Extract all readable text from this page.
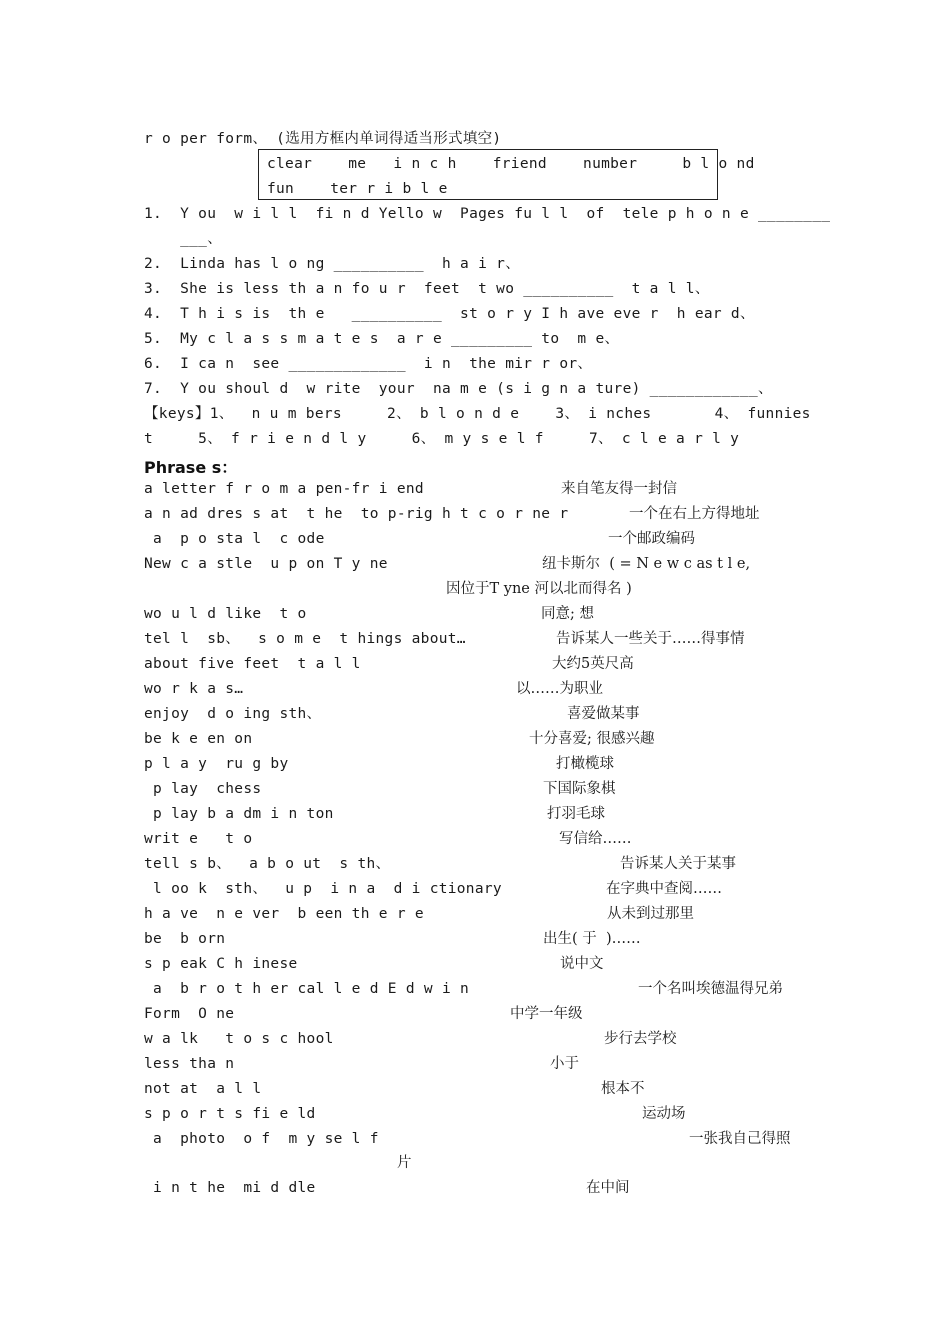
r o per form、 (选用方框内单词得适当形式填空)
clear    me   i n c h    friend    number     b l o nd
fun    ter r i b l e
1.  Y ou  w i l l  fi n d Yello w  Pages fu l l  of  tele p h o n e ________
___、
2.  Linda has l o ng __________  h a i r、
3.  She is less th a n fo u r  feet  t wo __________  t a l l、
4.  T h i s is  th e   __________  st o r y I h ave eve r  h ear d、
5.  My c l a s s m a t e s  a r e _________ to  m e、
6.  I ca n  see _____________  i n  the mir r or、
7.  Y ou shoul d  w rite  your  na m e (s i g n a ture) ____________、
【keys】1、  n u m bers     2、 b l o n d e    3、 i nches       4、 funnies
t     5、 f r i e n d l y     6、 m y s e l f     7、 c l e a r l y
Phrase s：
a letter f r o m a pen-fr i end	来自笔友得一封信
a n ad dres s at  t he  to p-rig h t c o r ne r	一个在右上方得地址
a  p o sta l  c ode	一个邮政编码
New c a stle  u p on T y ne	纽卡斯尔  ( = N e w c as t l e,
因位于T yne 河以北而得名 )
wo u l d like  t o	同意; 想
tel l  sb、  s o m e  t hings about…	告诉某人一些关于……得事情
about five feet  t a l l	大约5英尺高
wo r k a s…	以……为职业
enjoy  d o ing sth、	喜爱做某事
be k e en on	十分喜爱; 很感兴趣
p l a y  ru g by	打橄榄球
p lay  chess	下国际象棋
p lay b a dm i n ton	打羽毛球
writ e   t o	写信给……
tell s b、  a b o ut  s th、	告诉某人关于某事
l oo k  sth、  u p  i n a  d i ctionary	在字典中查阅……
h a ve  n e ver  b een th e r e	从未到过那里
be  b orn	出生( 于  )……
s p eak C h inese	说中文
a  b r o t h er cal l e d E d w i n	一个名叫埃德温得兄弟
Form  O ne	中学一年级
w a lk   t o s c hool	步行去学校
less tha n	小于
not at  a l l	根本不
s p o r t s fi e ld	运动场
a  photo  o f  m y se l f	一张我自己得照
片
i n t he  mi d dle	在中间
